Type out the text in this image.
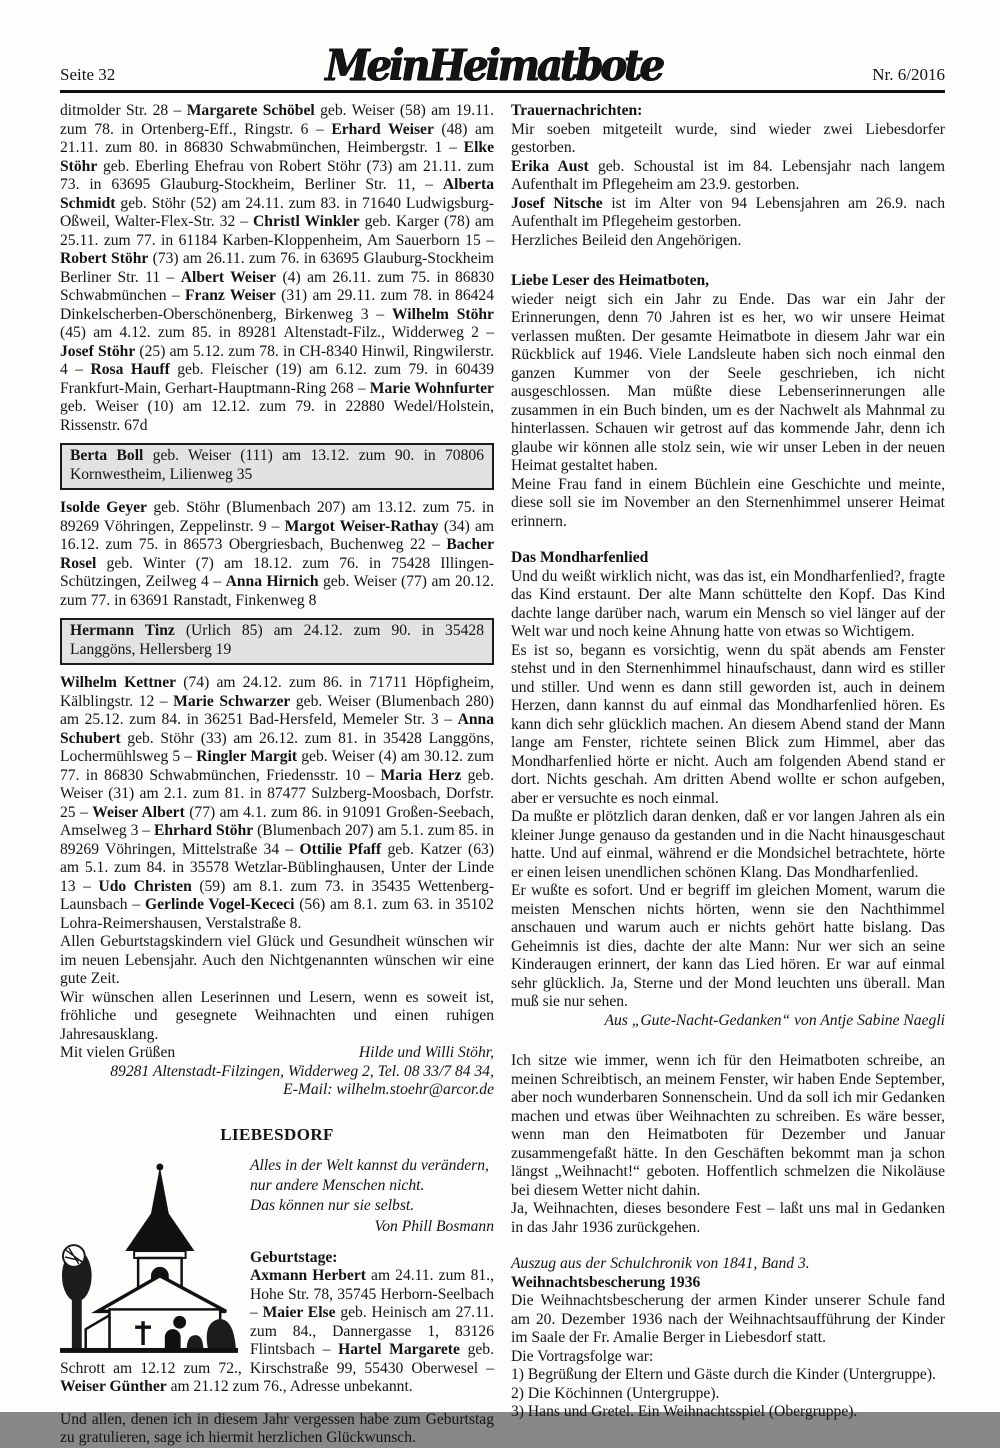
Seite 32	Mein Heimatbote	Nr. 6/2016
ditmolder Str. 28 – Margarete Schöbel geb. Weiser (58) am 19.11. zum 78. in Ortenberg-Eff., Ringstr. 6 – Erhard Weiser (48) am 21.11. zum 80. in 86830 Schwabmünchen, Heimbergstr. 1 – Elke Stöhr geb. Eberling Ehefrau von Robert Stöhr (73) am 21.11. zum 73. in 63695 Glauburg-Stockheim, Berliner Str. 11, – Alberta Schmidt geb. Stöhr (52) am 24.11. zum 83. in 71640 Ludwigsburg-Oßweil, Walter-Flex-Str. 32 – Christl Winkler geb. Karger (78) am 25.11. zum 77. in 61184 Karben-Kloppenheim, Am Sauerborn 15 – Robert Stöhr (73) am 26.11. zum 76. in 63695 Glauburg-Stockheim Berliner Str. 11 – Albert Weiser (4) am 26.11. zum 75. in 86830 Schwabmünchen – Franz Weiser (31) am 29.11. zum 78. in 86424 Dinkelscherben-Oberschönenberg, Birkenweg 3 – Wilhelm Stöhr (45) am 4.12. zum 85. in 89281 Altenstadt-Filz., Widderweg 2 – Josef Stöhr (25) am 5.12. zum 78. in CH-8340 Hinwil, Ringwilerstr. 4 – Rosa Hauff geb. Fleischer (19) am 6.12. zum 79. in 60439 Frankfurt-Main, Gerhart-Hauptmann-Ring 268 – Marie Wohnfurter geb. Weiser (10) am 12.12. zum 79. in 22880 Wedel/Holstein, Rissenstr. 67d
Berta Boll geb. Weiser (111) am 13.12. zum 90. in 70806 Kornwestheim, Lilienweg 35
Isolde Geyer geb. Stöhr (Blumenbach 207) am 13.12. zum 75. in 89269 Vöhringen, Zeppelinstr. 9 – Margot Weiser-Rathay (34) am 16.12. zum 75. in 86573 Obergriesbach, Buchenweg 22 – Bacher Rosel geb. Winter (7) am 18.12. zum 76. in 75428 Illingen-Schützingen, Zeilweg 4 – Anna Hirnich geb. Weiser (77) am 20.12. zum 77. in 63691 Ranstadt, Finkenweg 8
Hermann Tinz (Urlich 85) am 24.12. zum 90. in 35428 Langgöns, Hellersberg 19
Wilhelm Kettner (74) am 24.12. zum 86. in 71711 Höpfigheim, Kälblingstr. 12 – Marie Schwarzer geb. Weiser (Blumenbach 280) am 25.12. zum 84. in 36251 Bad-Hersfeld, Memeler Str. 3 – Anna Schubert geb. Stöhr (33) am 26.12. zum 81. in 35428 Langgöns, Lochermühlsweg 5 – Ringler Margit geb. Weiser (4) am 30.12. zum 77. in 86830 Schwabmünchen, Friedensstr. 10 – Maria Herz geb. Weiser (31) am 2.1. zum 81. in 87477 Sulzberg-Moosbach, Dorfstr. 25 – Weiser Albert (77) am 4.1. zum 86. in 91091 Großen-Seebach, Amselweg 3 – Ehrhard Stöhr (Blumenbach 207) am 5.1. zum 85. in 89269 Vöhringen, Mittelstraße 34 – Ottilie Pfaff geb. Katzer (63) am 5.1. zum 84. in 35578 Wetzlar-Büblinghausen, Unter der Linde 13 – Udo Christen (59) am 8.1. zum 73. in 35435 Wettenberg-Launsbach – Gerlinde Vogel-Kececi (56) am 8.1. zum 63. in 35102 Lohra-Reimershausen, Verstalstraße 8.
Allen Geburtstagskindern viel Glück und Gesundheit wünschen wir im neuen Lebensjahr. Auch den Nichtgenannten wünschen wir eine gute Zeit.
Wir wünschen allen Leserinnen und Lesern, wenn es soweit ist, fröhliche und gesegnete Weihnachten und einen ruhigen Jahresausklang.
Mit vielen Grüßen	Hilde und Willi Stöhr,
89281 Altenstadt-Filzingen, Widderweg 2, Tel. 08 33/7 84 34,
E-Mail: wilhelm.stoehr@arcor.de
LIEBESDORF
Alles in der Welt kannst du verändern,
nur andere Menschen nicht.
Das können nur sie selbst.
Von Phill Bosmann
Geburtstage:
Axmann Herbert am 24.11. zum 81., Hohe Str. 78, 35745 Herborn-Seelbach – Maier Else geb. Heinisch am 27.11. zum 84., Dannergasse 1, 83126 Flintsbach – Hartel Margarete geb. Schrott am 12.12 zum 72., Kirschstraße 99, 55430 Oberwesel – Weiser Günther am 21.12 zum 76., Adresse unbekannt.
Und allen, denen ich in diesem Jahr vergessen habe zum Geburtstag zu gratulieren, sage ich hiermit herzlichen Glückwunsch.
Trauernachrichten:
Mir soeben mitgeteilt wurde, sind wieder zwei Liebesdorfer gestorben.
Erika Aust geb. Schoustal ist im 84. Lebensjahr nach langem Aufenthalt im Pflegeheim am 23.9. gestorben.
Josef Nitsche ist im Alter von 94 Lebensjahren am 26.9. nach Aufenthalt im Pflegeheim gestorben.
Herzliches Beileid den Angehörigen.
Liebe Leser des Heimatboten,
wieder neigt sich ein Jahr zu Ende. Das war ein Jahr der Erinnerungen, denn 70 Jahren ist es her, wo wir unsere Heimat verlassen mußten. Der gesamte Heimatbote in diesem Jahr war ein Rückblick auf 1946. Viele Landsleute haben sich noch einmal den ganzen Kummer von der Seele geschrieben, ich nicht ausgeschlossen. Man müßte diese Lebenserinnerungen alle zusammen in ein Buch binden, um es der Nachwelt als Mahnmal zu hinterlassen. Schauen wir getrost auf das kommende Jahr, denn ich glaube wir können alle stolz sein, wie wir unser Leben in der neuen Heimat gestaltet haben.
Meine Frau fand in einem Büchlein eine Geschichte und meinte, diese soll sie im November an den Sternenhimmel unserer Heimat erinnern.
Das Mondharfenlied
Und du weißt wirklich nicht, was das ist, ein Mondharfenlied?, fragte das Kind erstaunt. Der alte Mann schüttelte den Kopf. Das Kind dachte lange darüber nach, warum ein Mensch so viel länger auf der Welt war und noch keine Ahnung hatte von etwas so Wichtigem.
Es ist so, begann es vorsichtig, wenn du spät abends am Fenster stehst und in den Sternenhimmel hinaufschaust, dann wird es stiller und stiller. Und wenn es dann still geworden ist, auch in deinem Herzen, dann kannst du auf einmal das Mondharfenlied hören. Es kann dich sehr glücklich machen. An diesem Abend stand der Mann lange am Fenster, richtete seinen Blick zum Himmel, aber das Mondharfenlied hörte er nicht. Auch am folgenden Abend stand er dort. Nichts geschah. Am dritten Abend wollte er schon aufgeben, aber er versuchte es noch einmal.
Da mußte er plötzlich daran denken, daß er vor langen Jahren als ein kleiner Junge genauso da gestanden und in die Nacht hinausgeschaut hatte. Und auf einmal, während er die Mondsichel betrachtete, hörte er einen leisen unendlichen schönen Klang. Das Mondharfenlied.
Er wußte es sofort. Und er begriff im gleichen Moment, warum die meisten Menschen nichts hörten, wenn sie den Nachthimmel anschauen und warum auch er nichts gehört hatte bislang. Das Geheimnis ist dies, dachte der alte Mann: Nur wer sich an seine Kinderaugen erinnert, der kann das Lied hören. Er war auf einmal sehr glücklich. Ja, Sterne und der Mond leuchten uns überall. Man muß sie nur sehen.
Aus „Gute-Nacht-Gedanken“ von Antje Sabine Naegli
Ich sitze wie immer, wenn ich für den Heimatboten schreibe, an meinen Schreibtisch, an meinem Fenster, wir haben Ende September, aber noch wunderbaren Sonnenschein. Und da soll ich mir Gedanken machen und etwas über Weihnachten zu schreiben. Es wäre besser, wenn man den Heimatboten für Dezember und Januar zusammengefaßt hätte. In den Geschäften bekommt man ja schon längst „Weihnacht!“ geboten. Hoffentlich schmelzen die Nikoläuse bei diesem Wetter nicht dahin.
Ja, Weihnachten, dieses besondere Fest – laßt uns mal in Gedanken in das Jahr 1936 zurückgehen.
Auszug aus der Schulchronik von 1841, Band 3.
Weihnachtsbescherung 1936
Die Weihnachtsbescherung der armen Kinder unserer Schule fand am 20. Dezember 1936 nach der Weihnachtsaufführung der Kinder im Saale der Fr. Amalie Berger in Liebesdorf statt.
Die Vortragsfolge war:
1) Begrüßung der Eltern und Gäste durch die Kinder (Untergruppe).
2) Die Köchinnen (Untergruppe).
3) Hans und Gretel. Ein Weihnachtsspiel (Obergruppe).
